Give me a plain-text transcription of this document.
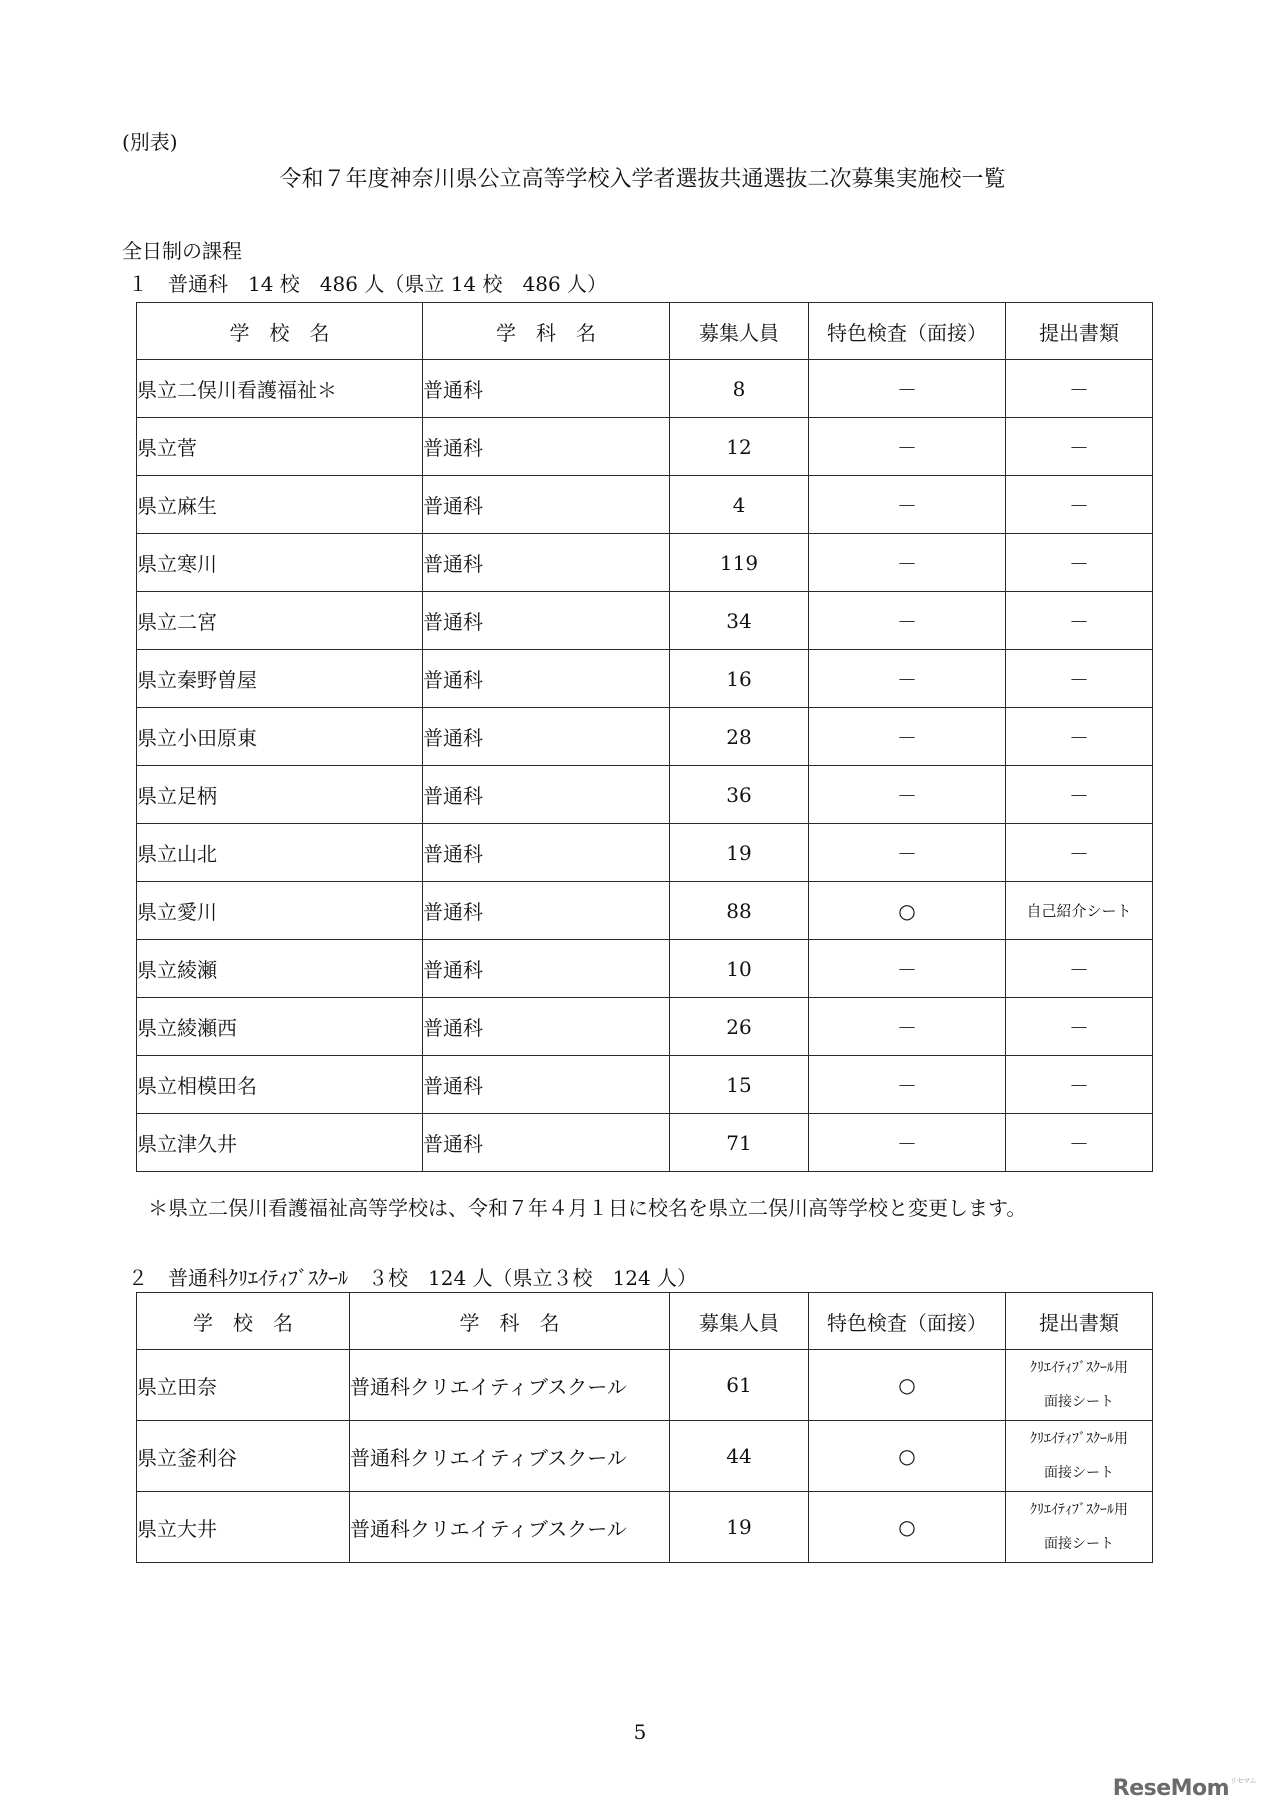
(別表)
令和７年度神奈川県公立高等学校入学者選抜共通選抜二次募集実施校一覧
全日制の課程
１　普通科　14 校　486 人（県立 14 校　486 人）
学　校　名	学　科　名	募集人員	特色検査（面接）	提出書類
県立二俣川看護福祉＊	普通科	8	－	－
県立菅	普通科	12	－	－
県立麻生	普通科	4	－	－
県立寒川	普通科	119	－	－
県立二宮	普通科	34	－	－
県立秦野曽屋	普通科	16	－	－
県立小田原東	普通科	28	－	－
県立足柄	普通科	36	－	－
県立山北	普通科	19	－	－
県立愛川	普通科	88	○	自己紹介シート
県立綾瀬	普通科	10	－	－
県立綾瀬西	普通科	26	－	－
県立相模田名	普通科	15	－	－
県立津久井	普通科	71	－	－
＊県立二俣川看護福祉高等学校は、令和７年４月１日に校名を県立二俣川高等学校と変更します。
２　普通科ｸﾘｴｲﾃｨﾌﾞｽｸｰﾙ　３校　124 人（県立３校　124 人）
学　校　名	学　科　名	募集人員	特色検査（面接）	提出書類
県立田奈	普通科クリエイティブスクール	61	○	ｸﾘｴｲﾃｨﾌﾞｽｸｰﾙ用
面接シート

県立釜利谷	普通科クリエイティブスクール	44	○	ｸﾘｴｲﾃｨﾌﾞｽｸｰﾙ用
面接シート

県立大井	普通科クリエイティブスクール	19	○	ｸﾘｴｲﾃｨﾌﾞｽｸｰﾙ用
面接シート
5
ReseMom$^{リセマム}$
